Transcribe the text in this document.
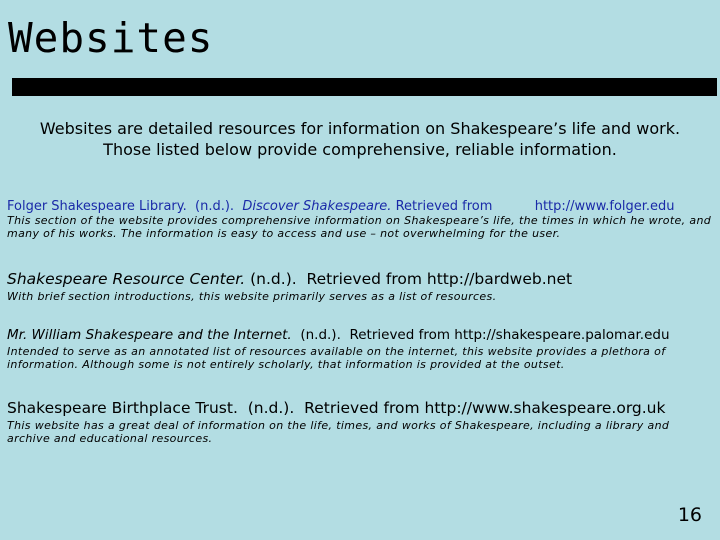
Websites
Websites are detailed resources for information on Shakespeare’s life and work.
Those listed below provide comprehensive, reliable information.
Folger Shakespeare Library. (n.d.). Discover Shakespeare. Retrieved from	http://www.folger.edu
This section of the website provides comprehensive information on Shakespeare’s life, the times in which he wrote, and many of his works. The information is easy to access and use – not overwhelming for the user.
Shakespeare Resource Center. (n.d.). Retrieved from http://bardweb.net
With brief section introductions, this website primarily serves as a list of resources.
Mr. William Shakespeare and the Internet. (n.d.). Retrieved from http://shakespeare.palomar.edu
Intended to serve as an annotated list of resources available on the internet, this website provides a plethora of information. Although some is not entirely scholarly, that information is provided at the outset.
Shakespeare Birthplace Trust. (n.d.). Retrieved from http://www.shakespeare.org.uk
This website has a great deal of information on the life, times, and works of Shakespeare, including a library and archive and educational resources.
16
